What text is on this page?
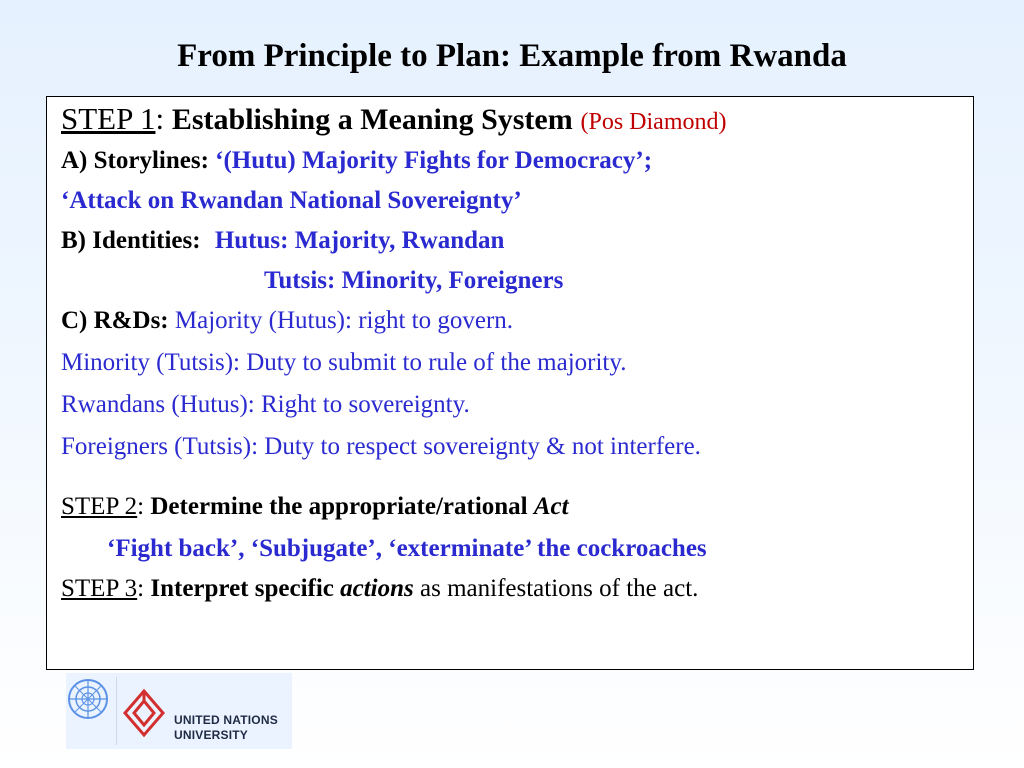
From Principle to Plan: Example from Rwanda
STEP 1: Establishing a Meaning System (Pos Diamond)
A) Storylines: ‘(Hutu) Majority Fights for Democracy’;
‘Attack on Rwandan National Sovereignty’
B) Identities: Hutus: Majority, Rwandan
Tutsis: Minority, Foreigners
C) R&Ds: Majority (Hutus): right to govern.
Minority (Tutsis): Duty to submit to rule of the majority.
Rwandans (Hutus): Right to sovereignty.
Foreigners (Tutsis): Duty to respect sovereignty & not interfere.
STEP 2: Determine the appropriate/rational Act
‘Fight back’, ‘Subjugate’, ‘exterminate’ the cockroaches
STEP 3: Interpret specific actions as manifestations of the act.
UNITED NATIONS
UNIVERSITY
